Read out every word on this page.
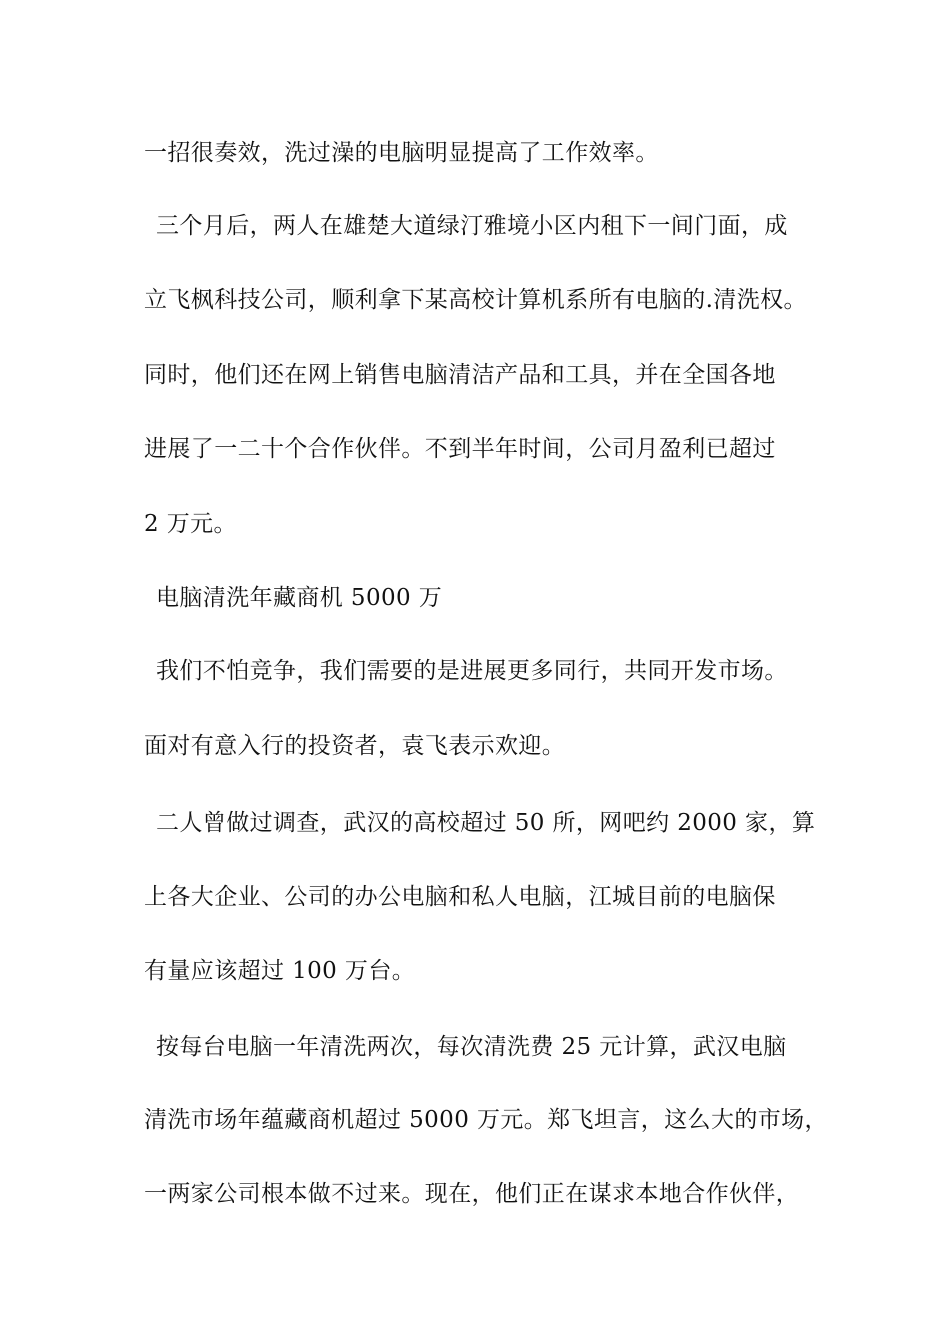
一招很奏效，洗过澡的电脑明显提高了工作效率。
三个月后，两人在雄楚大道绿汀雅境小区内租下一间门面，成
立飞枫科技公司，顺利拿下某高校计算机系所有电脑的.清洗权。
同时，他们还在网上销售电脑清洁产品和工具，并在全国各地
进展了一二十个合作伙伴。不到半年时间，公司月盈利已超过
2 万元。
电脑清洗年藏商机 5000 万
我们不怕竞争，我们需要的是进展更多同行，共同开发市场。
面对有意入行的投资者，袁飞表示欢迎。
二人曾做过调查，武汉的高校超过 50 所，网吧约 2000 家，算
上各大企业、公司的办公电脑和私人电脑，江城目前的电脑保
有量应该超过 100 万台。
按每台电脑一年清洗两次，每次清洗费 25 元计算，武汉电脑
清洗市场年蕴藏商机超过 5000 万元。郑飞坦言，这么大的市场，
一两家公司根本做不过来。现在，他们正在谋求本地合作伙伴，
